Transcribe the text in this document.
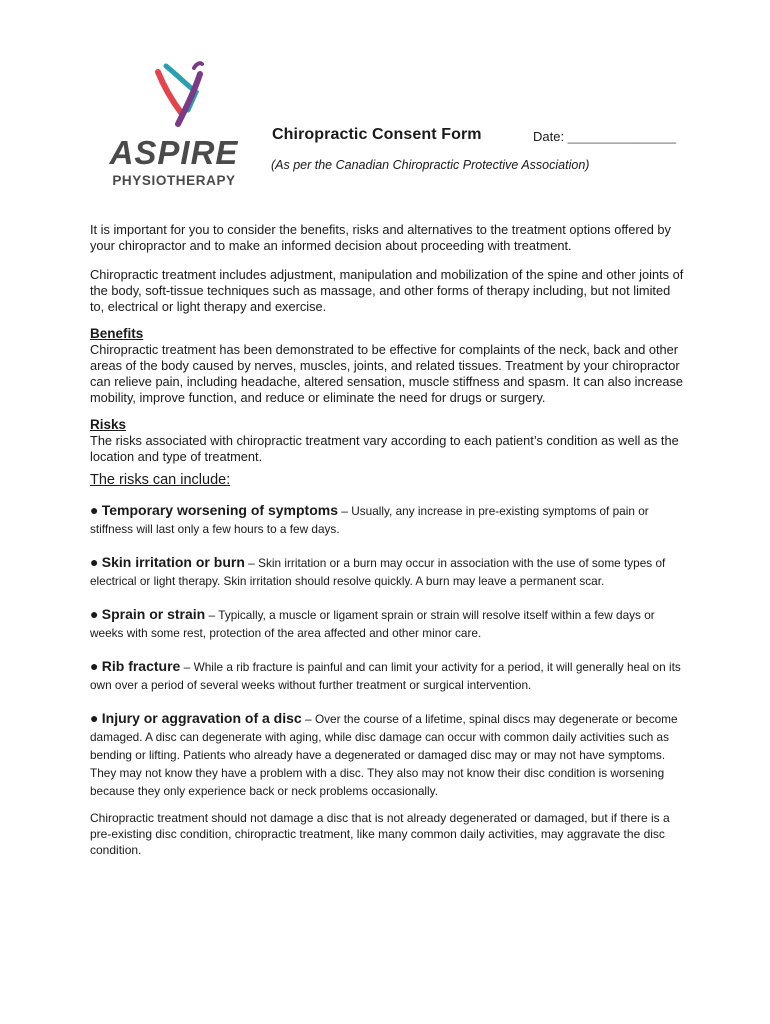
ASPIRE
PHYSIOTHERAPY
Chiropractic Consent Form	Date: _______________
(As per the Canadian Chiropractic Protective Association)

It is important for you to consider the benefits, risks and alternatives to the treatment options offered by your chiropractor and to make an informed decision about proceeding with treatment.

Chiropractic treatment includes adjustment, manipulation and mobilization of the spine and other joints of the body, soft-tissue techniques such as massage, and other forms of therapy including, but not limited to, electrical or light therapy and exercise.

Benefits

Chiropractic treatment has been demonstrated to be effective for complaints of the neck, back and other areas of the body caused by nerves, muscles, joints, and related tissues. Treatment by your chiropractor can relieve pain, including headache, altered sensation, muscle stiffness and spasm. It can also increase mobility, improve function, and reduce or eliminate the need for drugs or surgery.

Risks

The risks associated with chiropractic treatment vary according to each patient’s condition as well as the location and type of treatment.

The risks can include:

● Temporary worsening of symptoms – Usually, any increase in pre-existing symptoms of pain or stiffness will last only a few hours to a few days.

● Skin irritation or burn – Skin irritation or a burn may occur in association with the use of some types of electrical or light therapy. Skin irritation should resolve quickly. A burn may leave a permanent scar.

● Sprain or strain – Typically, a muscle or ligament sprain or strain will resolve itself within a few days or weeks with some rest, protection of the area affected and other minor care.

● Rib fracture – While a rib fracture is painful and can limit your activity for a period, it will generally heal on its own over a period of several weeks without further treatment or surgical intervention.

● Injury or aggravation of a disc – Over the course of a lifetime, spinal discs may degenerate or become damaged. A disc can degenerate with aging, while disc damage can occur with common daily activities such as bending or lifting. Patients who already have a degenerated or damaged disc may or may not have symptoms. They may not know they have a problem with a disc. They also may not know their disc condition is worsening because they only experience back or neck problems occasionally.

Chiropractic treatment should not damage a disc that is not already degenerated or damaged, but if there is a pre-existing disc condition, chiropractic treatment, like many common daily activities, may aggravate the disc condition.
